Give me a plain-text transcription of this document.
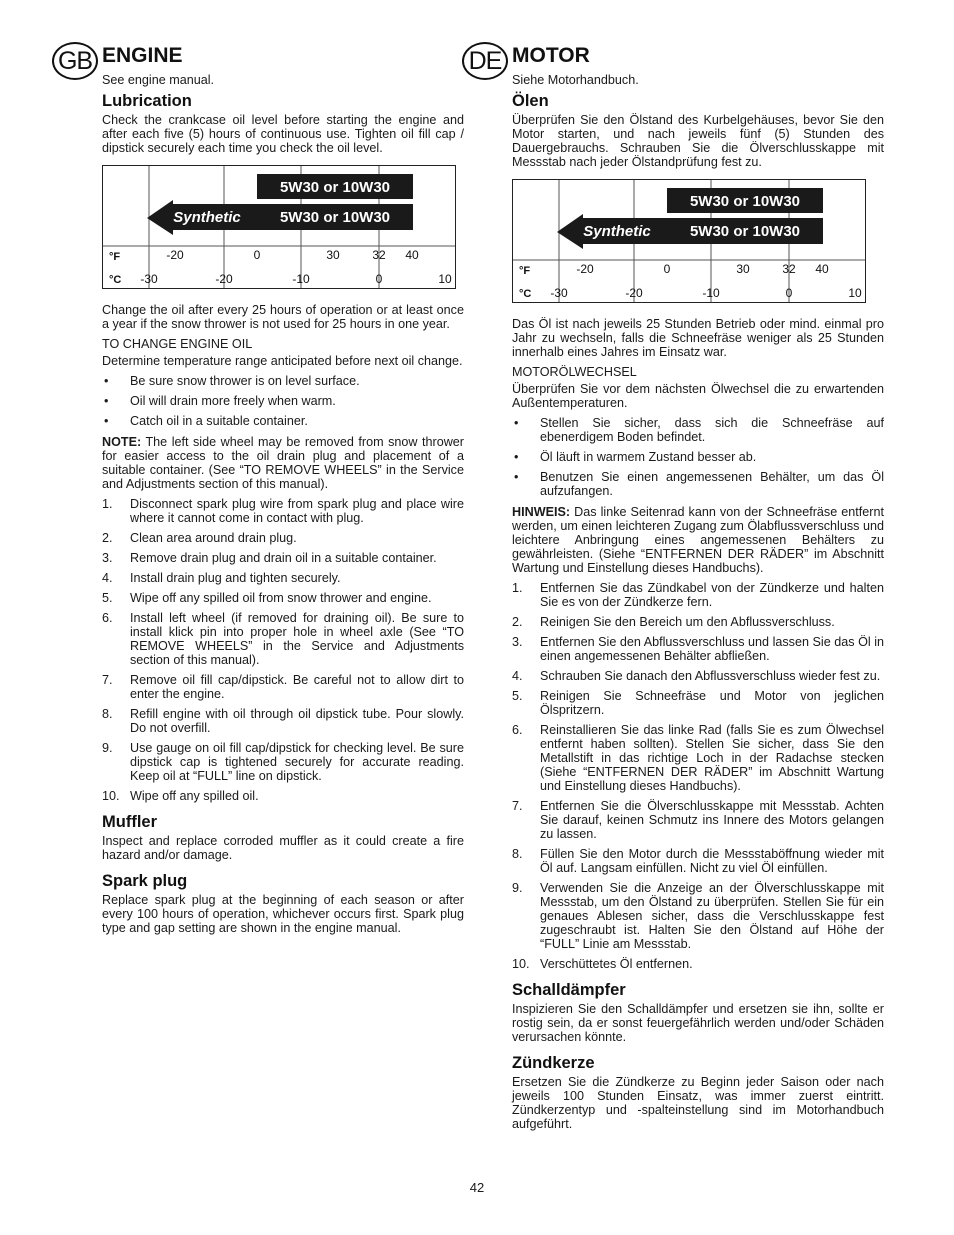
GB ENGINE
See engine manual.
Lubrication

Check the crankcase oil level before starting the engine and after each five (5) hours of continuous use. Tighten oil fill cap / dipstick securely each time you check the oil level.

5W30 or 10W30
Synthetic	5W30 or 10W30
°F
°C
-20	0	30	32 40
-30	-20	-10	0	10

Change the oil after every 25 hours of operation or at least once a year if the snow thrower is not used for 25 hours in one year.

TO CHANGE ENGINE OIL

Determine temperature range anticipated before next oil change.

• Be sure snow thrower is on level surface.
• Oil will drain more freely when warm.
• Catch oil in a suitable container.

NOTE: The left side wheel may be removed from snow thrower for easier access to the oil drain plug and placement of a suitable container. (See “TO REMOVE WHEELS” in the Service and Adjustments section of this manual).

1. Disconnect spark plug wire from spark plug and place wire where it cannot come in contact with plug.
2. Clean area around drain plug.
3. Remove drain plug and drain oil in a suitable container.
4. Install drain plug and tighten securely.
5. Wipe off any spilled oil from snow thrower and engine.
6. Install left wheel (if removed for draining oil). Be sure to install klick pin into proper hole in wheel axle (See “TO REMOVE WHEELS” in the Service and Adjustments section of this manual).
7. Remove oil fill cap/dipstick. Be careful not to allow dirt to enter the engine.
8. Refill engine with oil through oil dipstick tube. Pour slowly. Do not overfill.
9. Use gauge on oil fill cap/dipstick for checking level. Be sure dipstick cap is tightened securely for accurate reading. Keep oil at “FULL” line on dipstick.
10. Wipe off any spilled oil.
Muffler

Inspect and replace corroded muffler as it could create a fire hazard and/or damage.

Spark plug

Replace spark plug at the beginning of each season or after every 100 hours of operation, whichever occurs first. Spark plug type and gap setting are shown in the engine manual.

DE MOTOR
Siehe Motorhandbuch.
Ölen

Überprüfen Sie den Ölstand des Kurbelgehäuses, bevor Sie den Motor starten, und nach jeweils fünf (5) Stunden des Dauergebrauchs. Schrauben Sie die Ölverschlusskappe mit Messstab nach jeder Ölstandprüfung fest zu.

5W30 or 10W30
Synthetic	5W30 or 10W30
°F
°C
-20	0	30	32 40
-30	-20	-10	0	10

Das Öl ist nach jeweils 25 Stunden Betrieb oder mind. einmal pro Jahr zu wechseln, falls die Schneefräse weniger als 25 Stunden innerhalb eines Jahres im Einsatz war.

MOTORÖLWECHSEL

Überprüfen Sie vor dem nächsten Ölwechsel die zu erwartenden Außentemperaturen.

• Stellen Sie sicher, dass sich die Schneefräse auf ebenerdigem Boden befindet.
• Öl läuft in warmem Zustand besser ab.
• Benutzen Sie einen angemessenen Behälter, um das Öl aufzufangen.

HINWEIS: Das linke Seitenrad kann von der Schneefräse entfernt werden, um einen leichteren Zugang zum Ölabflussverschluss und leichtere Anbringung eines angemessenen Behälters zu gewährleisten. (Siehe “ENTFERNEN DER RÄDER” im Abschnitt Wartung und Einstellung dieses Handbuchs).

1. Entfernen Sie das Zündkabel von der Zündkerze und halten Sie es von der Zündkerze fern.
2. Reinigen Sie den Bereich um den Abflussverschluss.
3. Entfernen Sie den Abflussverschluss und lassen Sie das Öl in einen angemessenen Behälter abfließen.
4. Schrauben Sie danach den Abflussverschluss wieder fest zu.
5. Reinigen Sie Schneefräse und Motor von jeglichen Ölspritzern.
6. Reinstallieren Sie das linke Rad (falls Sie es zum Ölwechsel entfernt haben sollten). Stellen Sie sicher, dass Sie den Metallstift in das richtige Loch in der Radachse stecken (Siehe “ENTFERNEN DER RÄDER” im Abschnitt Wartung und Einstellung dieses Handbuchs).
7. Entfernen Sie die Ölverschlusskappe mit Messstab. Achten Sie darauf, keinen Schmutz ins Innere des Motors gelangen zu lassen.
8. Füllen Sie den Motor durch die Messstaböffnung wieder mit Öl auf. Langsam einfüllen. Nicht zu viel Öl einfüllen.
9. Verwenden Sie die Anzeige an der Ölverschlusskappe mit Messstab, um den Ölstand zu überprüfen. Stellen Sie für ein genaues Ablesen sicher, dass die Verschlusskappe fest zugeschraubt ist. Halten Sie den Ölstand auf Höhe der “FULL” Linie am Messstab.
10. Verschüttetes Öl entfernen.
Schalldämpfer

Inspizieren Sie den Schalldämpfer und ersetzen sie ihn, sollte er rostig sein, da er sonst feuergefährlich werden und/oder Schäden verursachen könnte.

Zündkerze

Ersetzen Sie die Zündkerze zu Beginn jeder Saison oder nach jeweils 100 Stunden Einsatz, was immer zuerst eintritt. Zündkerzentyp und -spalteinstellung sind im Motorhandbuch aufgeführt.

42
